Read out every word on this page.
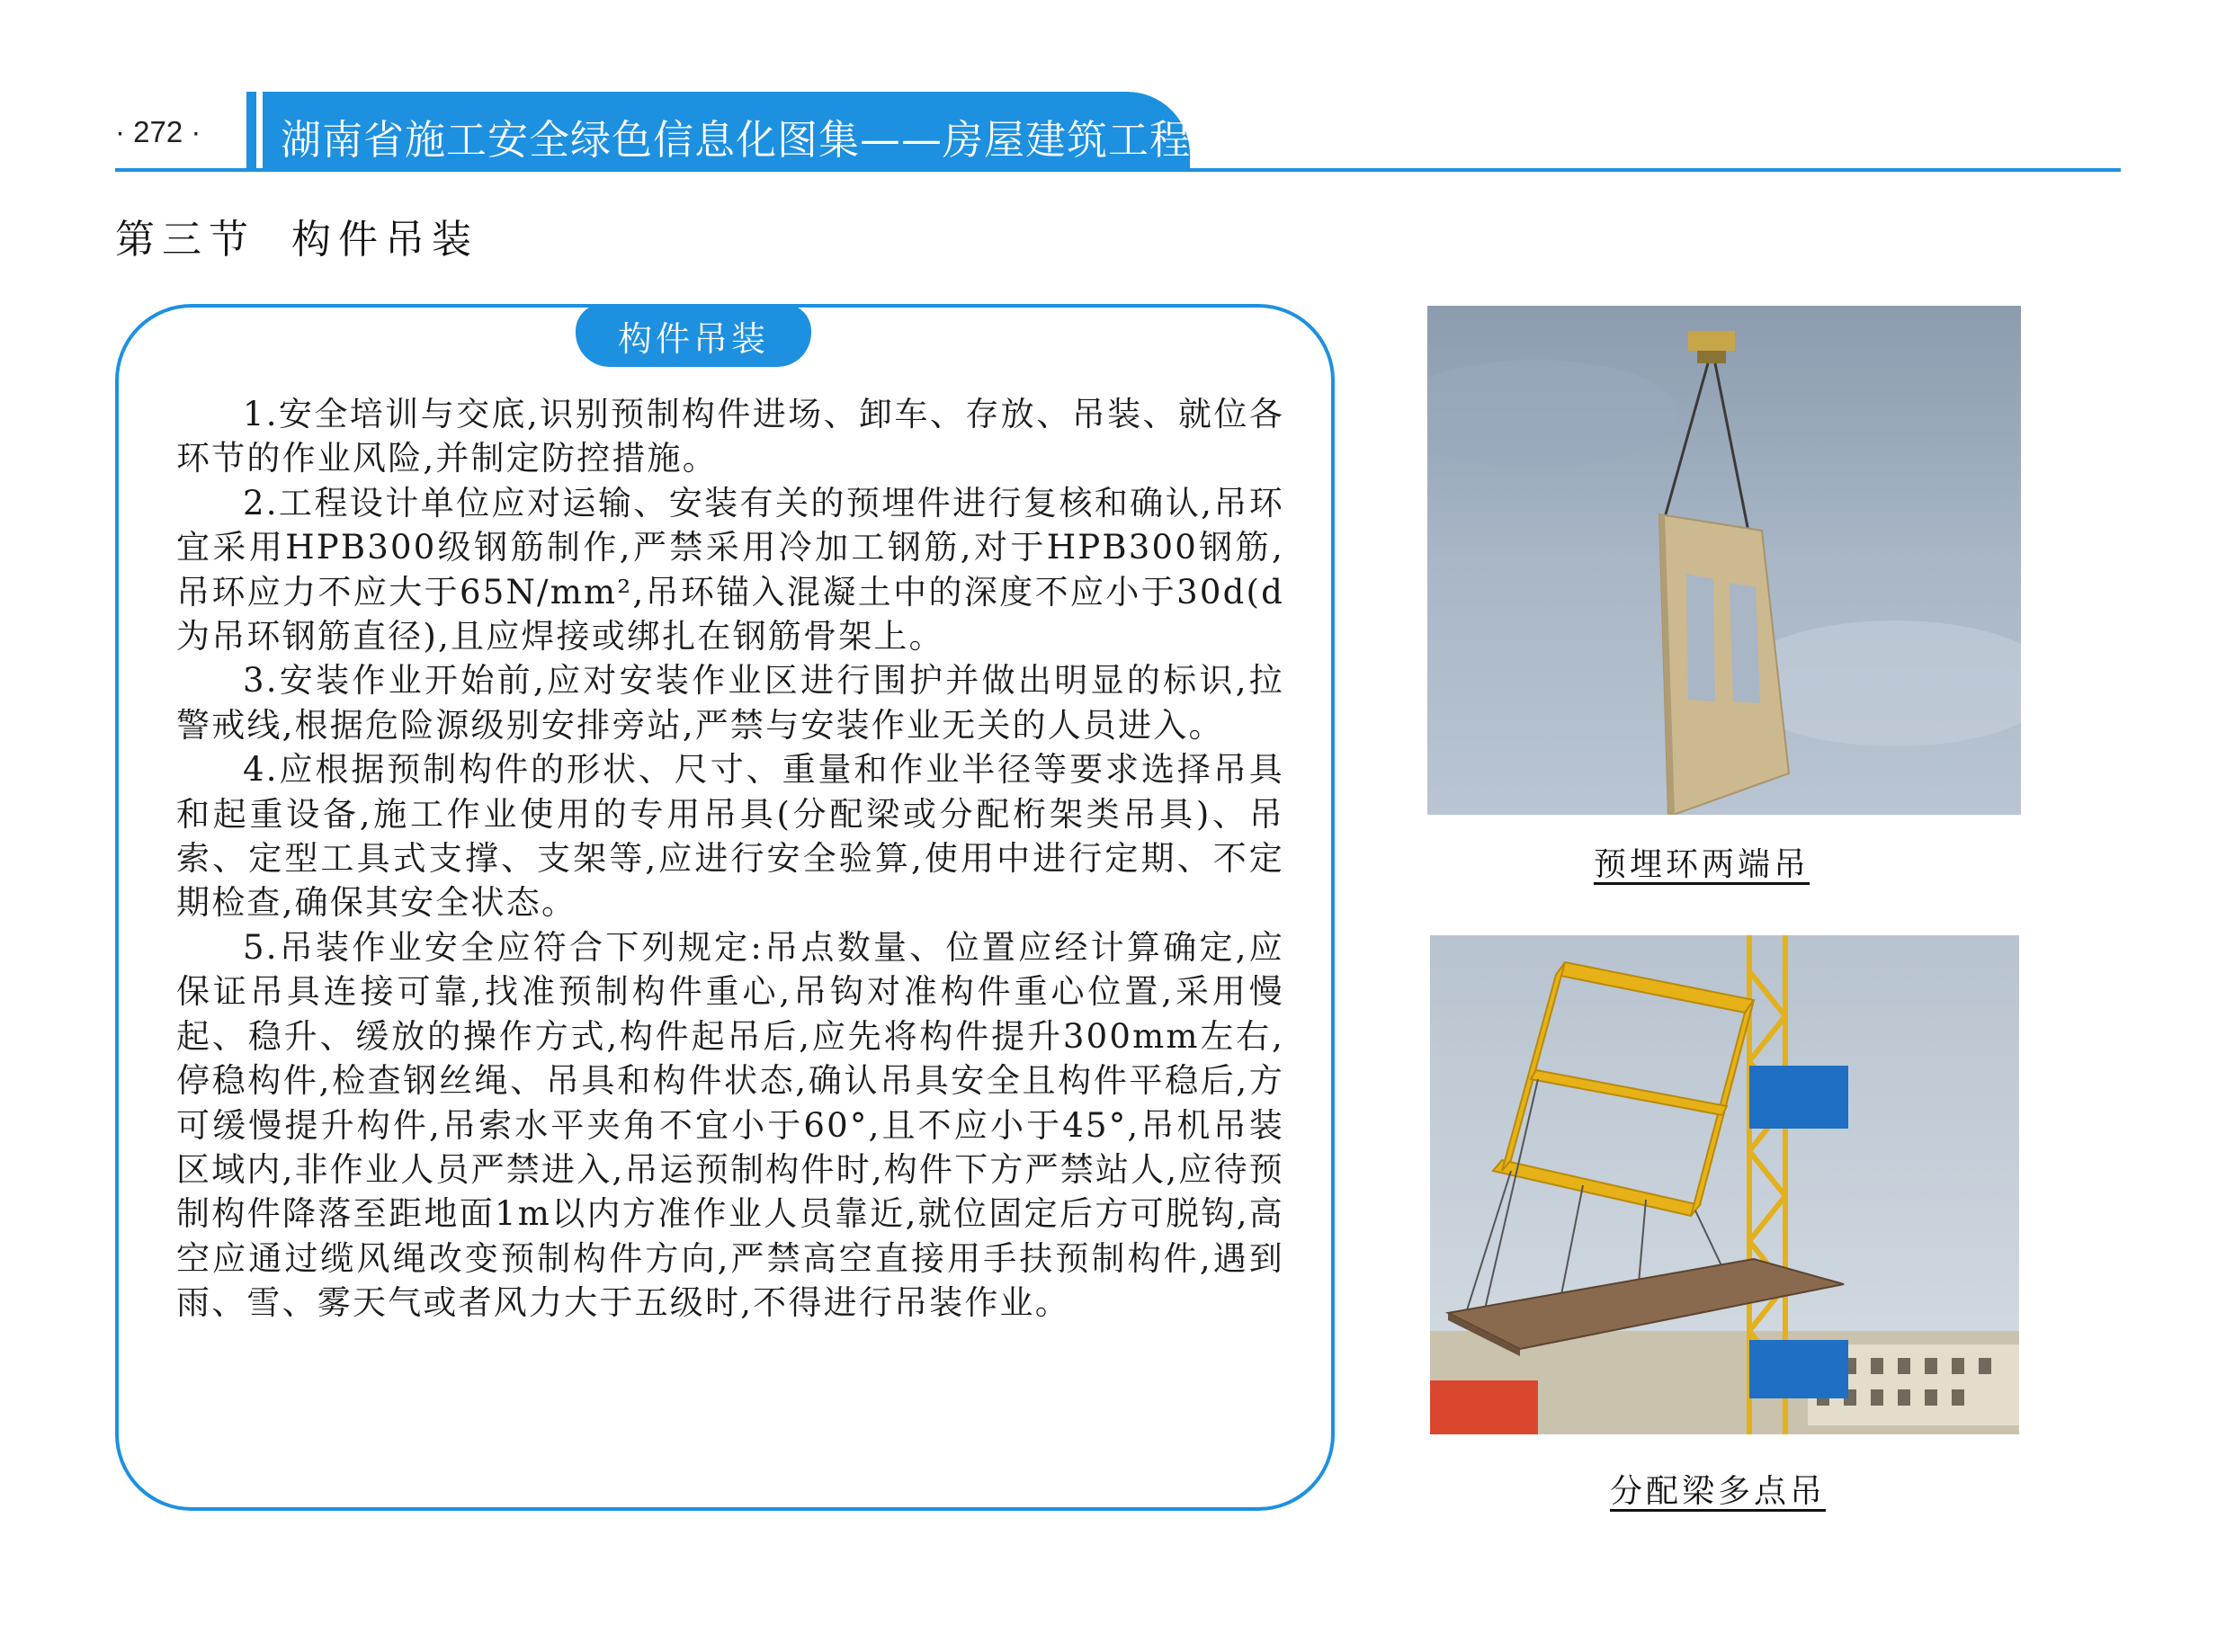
· 272 · 湖南省施工安全绿色信息化图集——房屋建筑工程
第三节 构件吊装
构件吊装

1.安全培训与交底,识别预制构件进场、卸车、存放、吊装、就位各环节的作业风险,并制定防控措施。

2.工程设计单位应对运输、安装有关的预埋件进行复核和确认,吊环宜采用HPB300级钢筋制作,严禁采用冷加工钢筋,对于HPB300钢筋,吊环应力不应大于65N/mm²,吊环锚入混凝土中的深度不应小于30d(d为吊环钢筋直径),且应焊接或绑扎在钢筋骨架上。

3.安装作业开始前,应对安装作业区进行围护并做出明显的标识,拉警戒线,根据危险源级别安排旁站,严禁与安装作业无关的人员进入。

4.应根据预制构件的形状、尺寸、重量和作业半径等要求选择吊具和起重设备,施工作业使用的专用吊具(分配梁或分配桁架类吊具)、吊索、定型工具式支撑、支架等,应进行安全验算,使用中进行定期、不定期检查,确保其安全状态。

5.吊装作业安全应符合下列规定:吊点数量、位置应经计算确定,应保证吊具连接可靠,找准预制构件重心,吊钩对准构件重心位置,采用慢起、稳升、缓放的操作方式,构件起吊后,应先将构件提升300mm左右,停稳构件,检查钢丝绳、吊具和构件状态,确认吊具安全且构件平稳后,方可缓慢提升构件,吊索水平夹角不宜小于60°,且不应小于45°,吊机吊装区域内,非作业人员严禁进入,吊运预制构件时,构件下方严禁站人,应待预制构件降落至距地面1m以内方准作业人员靠近,就位固定后方可脱钩,高空应通过缆风绳改变预制构件方向,严禁高空直接用手扶预制构件,遇到雨、雪、雾天气或者风力大于五级时,不得进行吊装作业。

预埋环两端吊
分配梁多点吊
